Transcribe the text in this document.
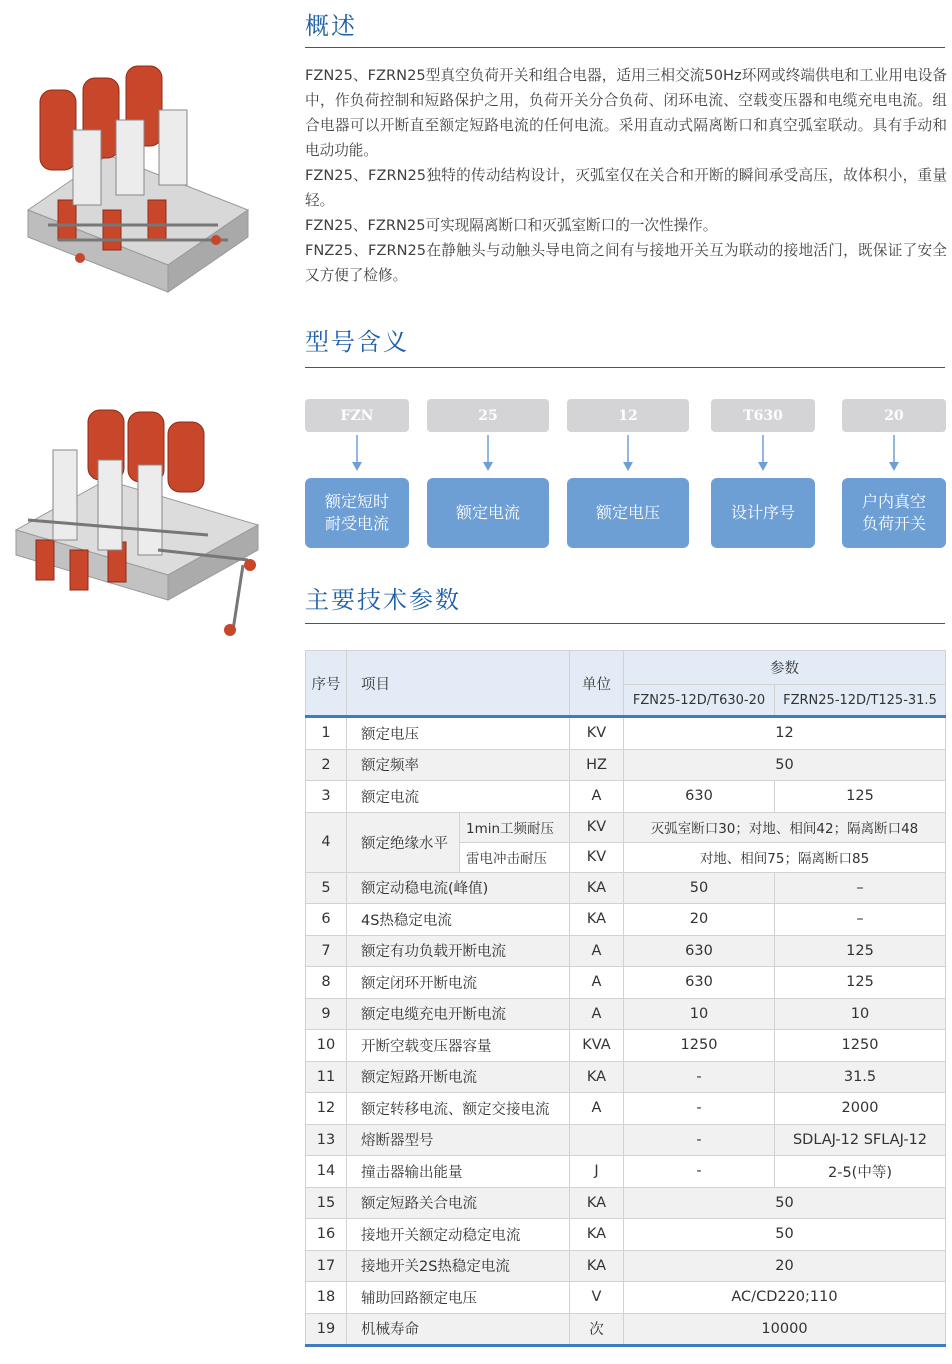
概述

FZN25、FZRN25型真空负荷开关和组合电器，适用三相交流50Hz环网或终端供电和工业用电设备中，作负荷控制和短路保护之用，负荷开关分合负荷、闭环电流、空载变压器和电缆充电电流。组合电器可以开断直至额定短路电流的任何电流。采用直动式隔离断口和真空弧室联动。具有手动和电动功能。

FZN25、FZRN25独特的传动结构设计，灭弧室仅在关合和开断的瞬间承受高压，故体积小，重量轻。

FZN25、FZRN25可实现隔离断口和灭弧室断口的一次性操作。

FNZ25、FZRN25在静触头与动触头导电筒之间有与接地开关互为联动的接地活门，既保证了安全又方便了检修。

型号含义
FZN	25	12	T630	20
额定短时
耐受电流
额定电流	额定电压	设计序号
户内真空
负荷开关
主要技术参数
序号	项目		单位	参数	
				FZN25-12D/T630-20	FZRN25-12D/T125-31.5
1	额定电压		KV	12	
2	额定频率		HZ	50	
3	额定电流		A	630	125
4	额定绝缘水平	1min工频耐压	KV	灭弧室断口30；对地、相间42；隔离断口48	
		雷电冲击耐压	KV	对地、相间75；隔离断口85	
5	额定动稳电流(峰值)		KA	50	–
6	4S热稳定电流		KA	20	–
7	额定有功负载开断电流		A	630	125
8	额定闭环开断电流		A	630	125
9	额定电缆充电开断电流		A	10	10
10	开断空载变压器容量		KVA	1250	1250
11	额定短路开断电流		KA	-	31.5
12	额定转移电流、额定交接电流		A	-	2000
13	熔断器型号			-	SDLAJ-12 SFLAJ-12
14	撞击器输出能量		J	-	2-5(中等)
15	额定短路关合电流		KA	50	
16	接地开关额定动稳定电流		KA	50	
17	接地开关2S热稳定电流		KA	20	
18	辅助回路额定电压		V	AC/CD220;110	
19	机械寿命		次	10000	
